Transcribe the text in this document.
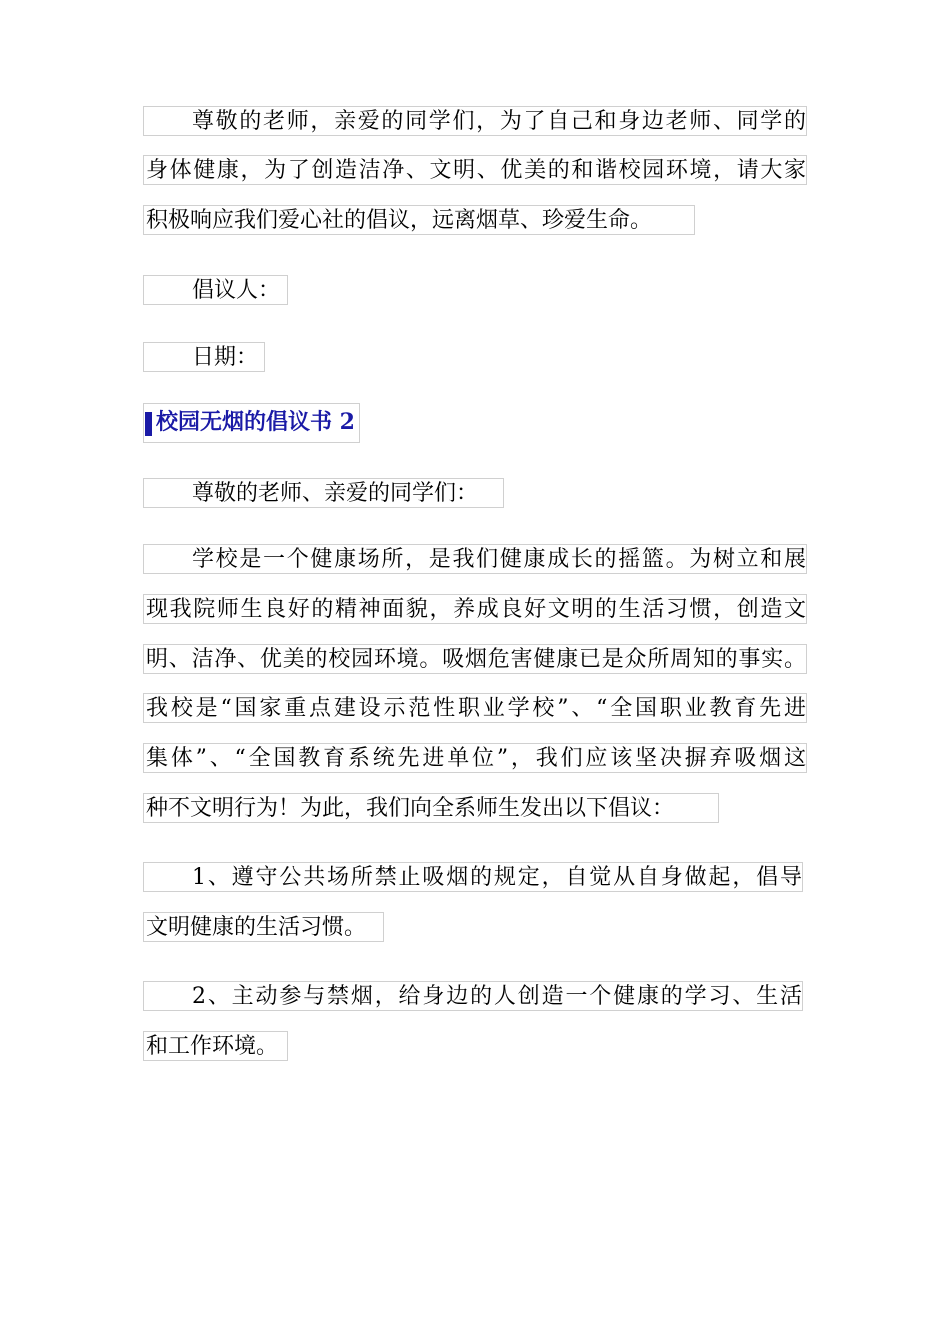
尊敬的老师，亲爱的同学们，为了自己和身边老师、同学的
身体健康，为了创造洁净、文明、优美的和谐校园环境，请大家
积极响应我们爱心社的倡议，远离烟草、珍爱生命。
倡议人：
日期：
校园无烟的倡议书 2
尊敬的老师、亲爱的同学们：
学校是一个健康场所，是我们健康成长的摇篮。为树立和展
现我院师生良好的精神面貌，养成良好文明的生活习惯，创造文
明、洁净、优美的校园环境。吸烟危害健康已是众所周知的事实。
我校是“国家重点建设示范性职业学校”、“全国职业教育先进
集体”、“全国教育系统先进单位”，我们应该坚决摒弃吸烟这
种不文明行为！为此，我们向全系师生发出以下倡议：
1、遵守公共场所禁止吸烟的规定，自觉从自身做起，倡导
文明健康的生活习惯。
2、主动参与禁烟，给身边的人创造一个健康的学习、生活
和工作环境。
